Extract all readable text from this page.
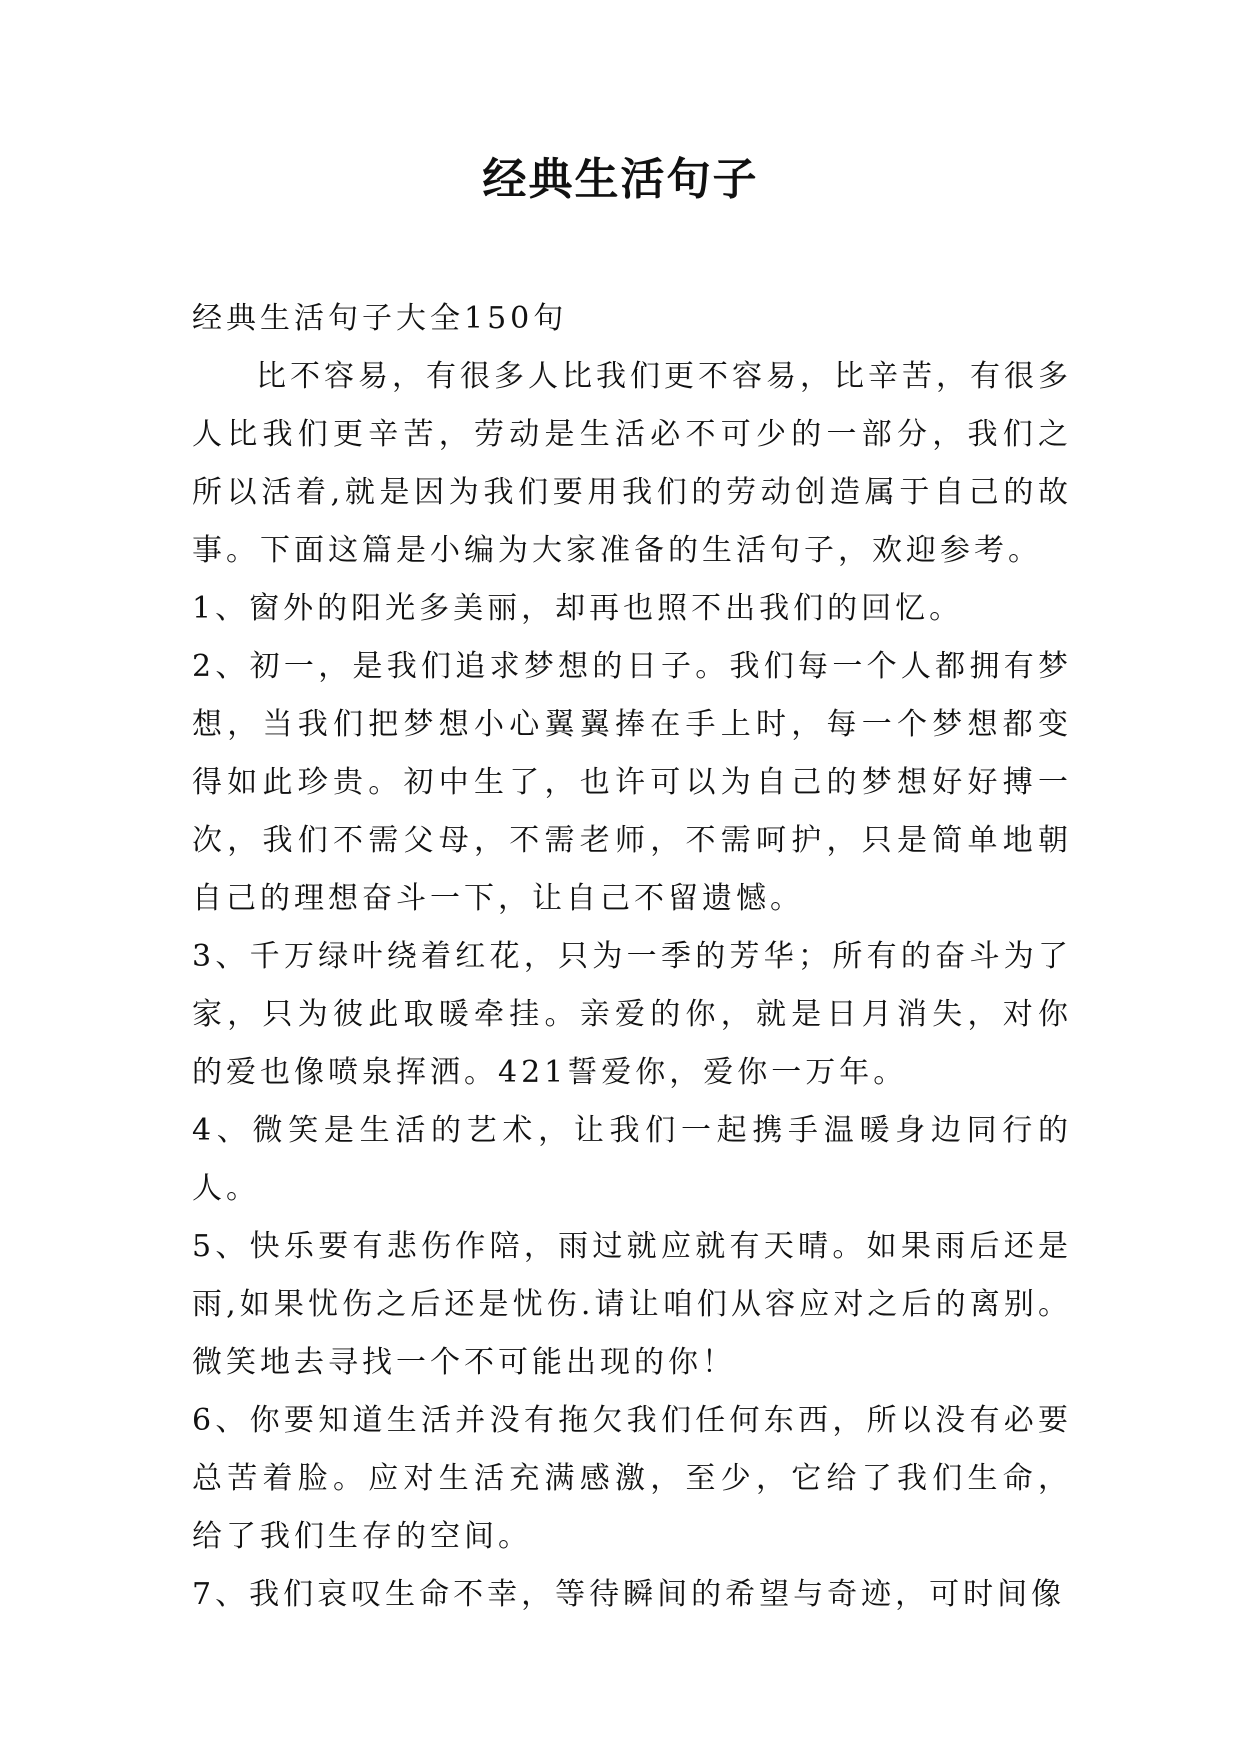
经典生活句子

经典生活句子大全150句

比不容易，有很多人比我们更不容易，比辛苦，有很多人比我们更辛苦，劳动是生活必不可少的一部分，我们之所以活着,就是因为我们要用我们的劳动创造属于自己的故事。下面这篇是小编为大家准备的生活句子，欢迎参考。

1、窗外的阳光多美丽，却再也照不出我们的回忆。

2、初一，是我们追求梦想的日子。我们每一个人都拥有梦想，当我们把梦想小心翼翼捧在手上时，每一个梦想都变得如此珍贵。初中生了，也许可以为自己的梦想好好搏一次，我们不需父母，不需老师，不需呵护，只是简单地朝自己的理想奋斗一下，让自己不留遗憾。

3、千万绿叶绕着红花，只为一季的芳华；所有的奋斗为了家，只为彼此取暖牵挂。亲爱的你，就是日月消失，对你的爱也像喷泉挥洒。421誓爱你，爱你一万年。

4、微笑是生活的艺术，让我们一起携手温暖身边同行的人。

5、快乐要有悲伤作陪，雨过就应就有天晴。如果雨后还是雨,如果忧伤之后还是忧伤.请让咱们从容应对之后的离别。微笑地去寻找一个不可能出现的你！

6、你要知道生活并没有拖欠我们任何东西，所以没有必要总苦着脸。应对生活充满感激，至少，它给了我们生命，给了我们生存的空间。

7、我们哀叹生命不幸，等待瞬间的希望与奇迹，可时间像
